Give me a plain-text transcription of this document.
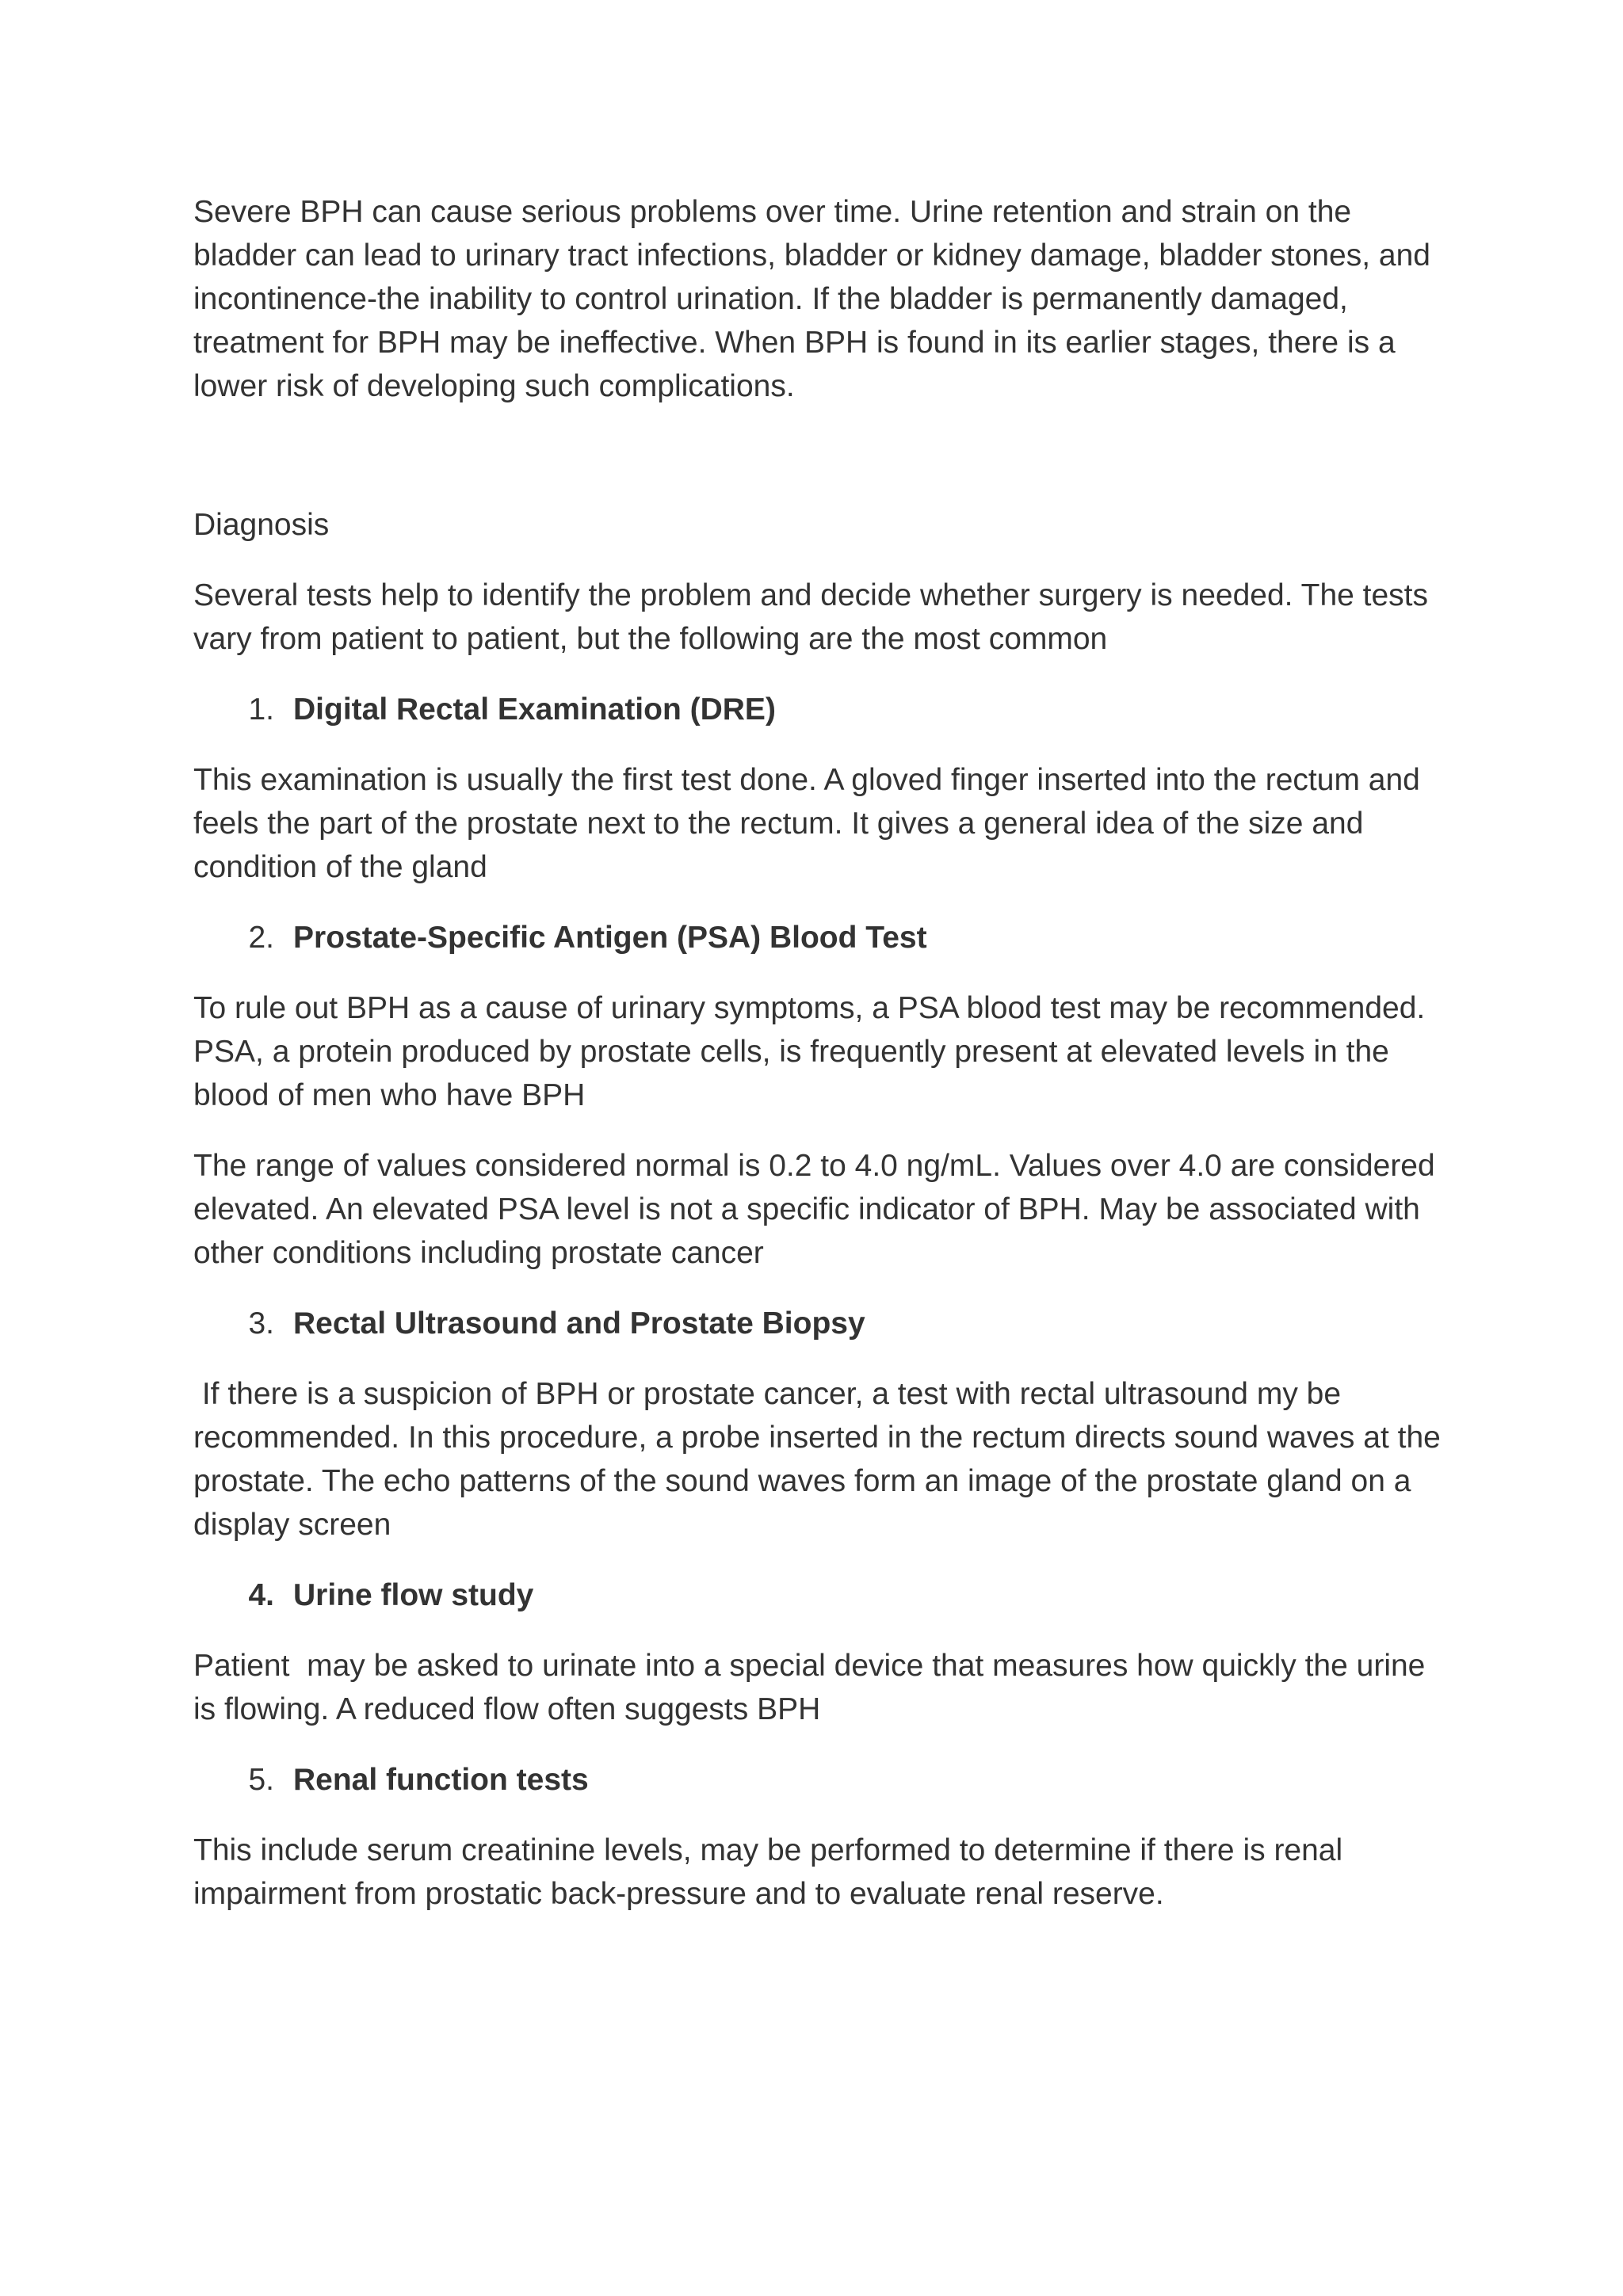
Severe BPH can cause serious problems over time. Urine retention and strain on the bladder can lead to urinary tract infections, bladder or kidney damage, bladder stones, and incontinence-the inability to control urination. If the bladder is permanently damaged, treatment for BPH may be ineffective. When BPH is found in its earlier stages, there is a lower risk of developing such complications.

Diagnosis

Several tests help to identify the problem and decide whether surgery is needed. The tests vary from patient to patient, but the following are the most common

1. Digital Rectal Examination (DRE)

This examination is usually the first test done. A gloved finger inserted into the rectum and feels the part of the prostate next to the rectum. It gives a general idea of the size and condition of the gland

2. Prostate-Specific Antigen (PSA) Blood Test

To rule out BPH as a cause of urinary symptoms, a PSA blood test may be recommended. PSA, a protein produced by prostate cells, is frequently present at elevated levels in the blood of men who have BPH

The range of values considered normal is 0.2 to 4.0 ng/mL. Values over 4.0 are considered elevated. An elevated PSA level is not a specific indicator of BPH. May be associated with other conditions including prostate cancer

3. Rectal Ultrasound and Prostate Biopsy

If there is a suspicion of BPH or prostate cancer, a test with rectal ultrasound my be recommended. In this procedure, a probe inserted in the rectum directs sound waves at the prostate. The echo patterns of the sound waves form an image of the prostate gland on a display screen

4. Urine flow study

Patient  may be asked to urinate into a special device that measures how quickly the urine is flowing. A reduced flow often suggests BPH

5. Renal function tests

This include serum creatinine levels, may be performed to determine if there is renal impairment from prostatic back-pressure and to evaluate renal reserve.
